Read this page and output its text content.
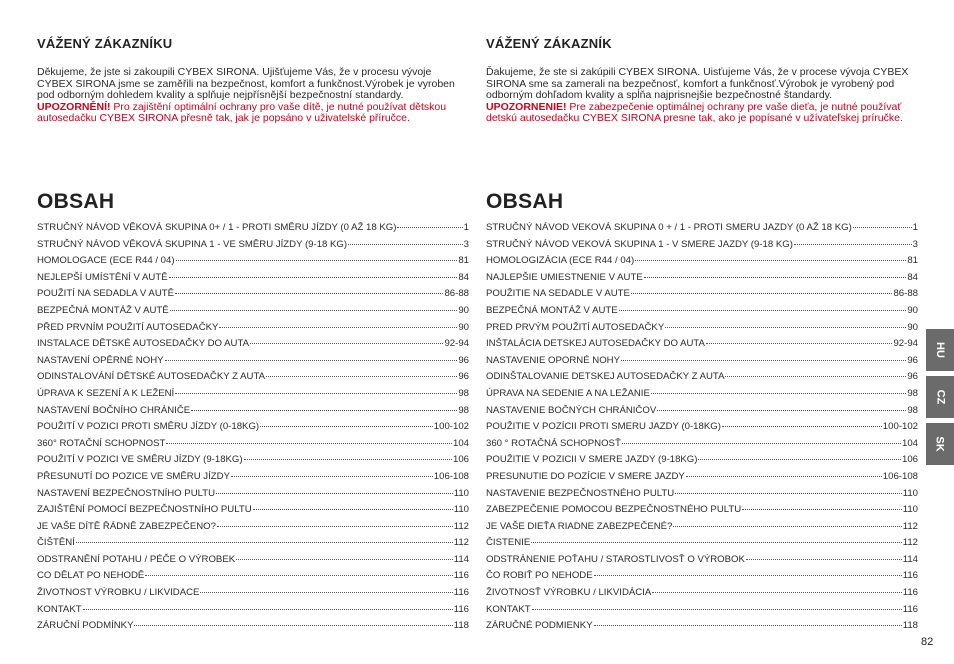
VÁŽENÝ ZÁKAZNÍKU

Děkujeme, že jste si zakoupili CYBEX SIRONA. Ujišťujeme Vás, že v procesu vývoje CYBEX SIRONA jsme se zaměřili na bezpečnost, komfort a funkčnost.Výrobek je vyroben pod odborným dohledem kvality a splňuje nejpřísnější bezpečnostní standardy.

UPOZORNĚNÍ! Pro zajištění optimální ochrany pro vaše dítě, je nutné používat dětskou autosedačku CYBEX SIRONA přesně tak, jak je popsáno v uživatelské příručce.

OBSAH
STRUČNÝ NÁVOD VĚKOVÁ SKUPINA 0+ / 1 - PROTI SMĚRU JÍZDY (0 AŽ 18 KG)	1
STRUČNÝ NÁVOD VĚKOVÁ SKUPINA 1 - VE SMĚRU JÍZDY (9-18 KG)	3
HOMOLOGACE (ECE R44 / 04)	81
NEJLEPŠÍ UMÍSTĚNÍ V AUTĚ	84
POUŽITÍ NA SEDADLA V AUTĚ	86-88
BEZPEČNÁ MONTÁŽ V AUTĚ	90
PŘED PRVNÍM POUŽITÍ AUTOSEDAČKY	90
INSTALACE DĚTSKÉ AUTOSEDAČKY DO AUTA	92-94
NASTAVENÍ OPĚRNÉ NOHY	96
ODINSTALOVÁNÍ DĚTSKÉ AUTOSEDAČKY Z AUTA	96
ÚPRAVA K SEZENÍ A K LEŽENÍ	98
NASTAVENÍ BOČNÍHO CHRÁNIČE	98
POUŽITÍ V POZICI PROTI SMĚRU JÍZDY (0-18KG)	100-102
360° ROTAČNÍ SCHOPNOST	104
POUŽITÍ V POZICI VE SMĚRU JÍZDY (9-18KG)	106
PŘESUNUTÍ DO POZICE VE SMĚRU JÍZDY	106-108
NASTAVENÍ BEZPEČNOSTNÍHO PULTU	110
ZAJIŠTĚNÍ POMOCÍ BEZPEČNOSTNÍHO PULTU	110
JE VAŠE DÍTĚ ŘÁDNĚ ZABEZPEČENO?	112
ČIŠTĚNÍ	112
ODSTRANĚNÍ POTAHU / PÉČE O VÝROBEK	114
CO DĚLAT PO NEHODĚ	116
ŽIVOTNOST VÝROBKU / LIKVIDACE	116
KONTAKT	116
ZÁRUČNÍ PODMÍNKY	118
VÁŽENÝ ZÁKAZNÍK

Ďakujeme, že ste si zakúpili CYBEX SIRONA. Uisťujeme Vás, že v procese vývoja CYBEX SIRONA sme sa zamerali na bezpečnosť, komfort a funkčnosť.Výrobok je vyrobený pod odborným dohľadom kvality a spĺňa najprisnejšie bezpečnostné štandardy.

UPOZORNENIE! Pre zabezpečenie optimálnej ochrany pre vaše dieťa, je nutné používať detskú autosedačku CYBEX SIRONA presne tak, ako je popísané v užívateľskej príručke.

OBSAH
STRUČNÝ NÁVOD VEKOVÁ SKUPINA 0 + / 1 - PROTI SMERU JAZDY (0 AŽ 18 KG)	1
STRUČNÝ NÁVOD VEKOVÁ SKUPINA 1 - V SMERE JAZDY (9-18 KG)	3
HOMOLOGIZÁCIA (ECE R44 / 04)	81
NAJLEPŠIE UMIESTNENIE V AUTE	84
POUŽITIE NA SEDADLE V AUTE	86-88
BEZPEČNÁ MONTÁŽ V AUTE	90
PRED PRVÝM POUŽITÍ AUTOSEDAČKY	90
INŠTALÁCIA DETSKEJ AUTOSEDAČKY DO AUTA	92-94
NASTAVENIE OPORNÉ NOHY	96
ODINŠTALOVANIE DETSKEJ AUTOSEDAČKY Z AUTA	96
ÚPRAVA NA SEDENIE A NA LEŽANIE	98
NASTAVENIE BOČNÝCH CHRÁNIČOV	98
POUŽITIE V POZÍCII PROTI SMERU JAZDY (0-18KG)	100-102
360 ° ROTAČNÁ SCHOPNOSŤ	104
POUŽITIE V POZICII V SMERE JAZDY (9-18KG)	106
PRESUNUTIE DO POZÍCIE V SMERE JAZDY	106-108
NASTAVENIE BEZPEČNOSTNÉHO PULTU	110
ZABEZPEČENIE POMOCOU BEZPEČNOSTNÉHO PULTU	110
JE VAŠE DIEŤA RIADNE ZABEZPEČENÉ?	112
ČISTENIE	112
ODSTRÁNENIE POŤAHU / STAROSTLIVOSŤ O VÝROBOK	114
ČO ROBIŤ PO NEHODE	116
ŽIVOTNOSŤ VÝROBKU / LIKVIDÁCIA	116
KONTAKT	116
ZÁRUČNÉ PODMIENKY	118
HU
CZ
SK
82
